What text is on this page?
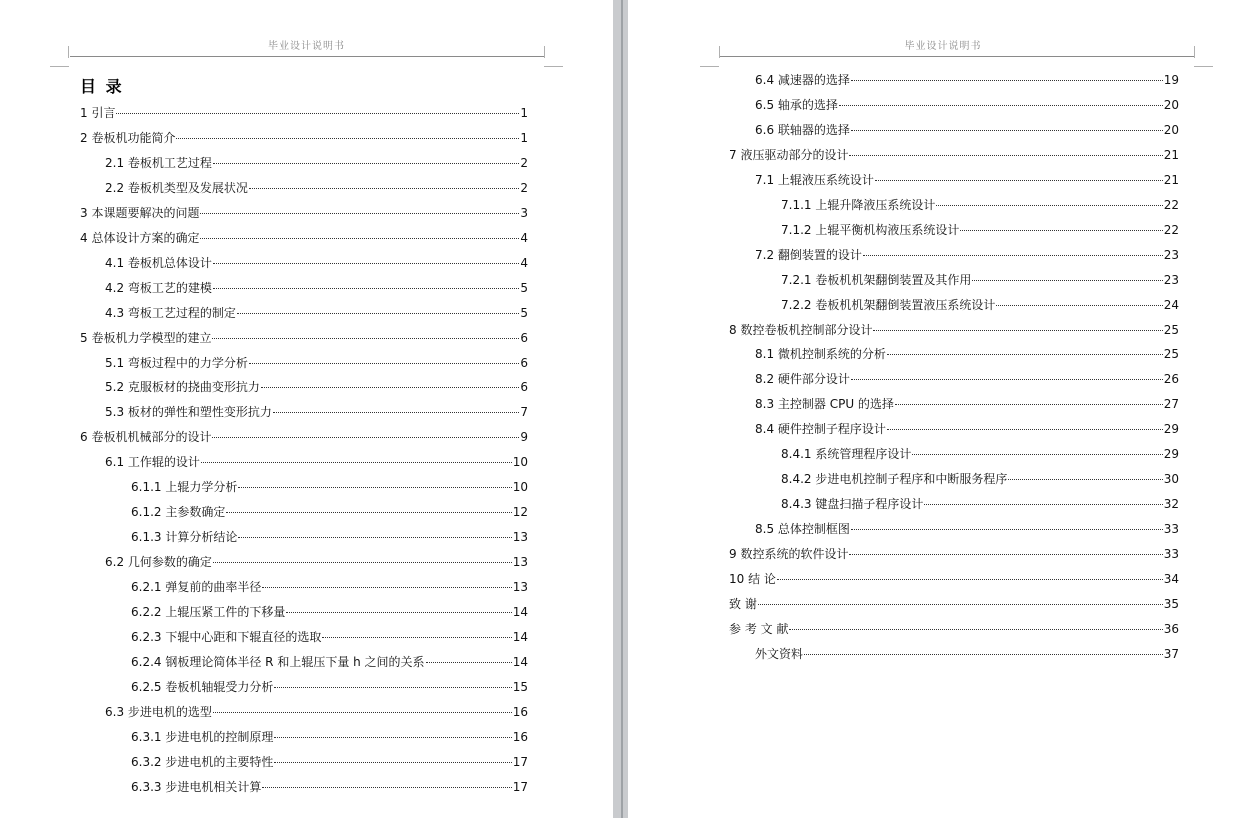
毕业设计说明书
目 录
1 引言	1
2 卷板机功能简介	1
2.1 卷板机工艺过程	2
2.2 卷板机类型及发展状况	2
3 本课题要解决的问题	3
4 总体设计方案的确定	4
4.1 卷板机总体设计	4
4.2 弯板工艺的建模	5
4.3 弯板工艺过程的制定	5
5 卷板机力学模型的建立	6
5.1 弯板过程中的力学分析	6
5.2 克服板材的挠曲变形抗力	6
5.3 板材的弹性和塑性变形抗力	7
6 卷板机机械部分的设计	9
6.1 工作辊的设计	10
6.1.1 上辊力学分析	10
6.1.2 主参数确定	12
6.1.3 计算分析结论	13
6.2 几何参数的确定	13
6.2.1 弹复前的曲率半径	13
6.2.2 上辊压紧工件的下移量	14
6.2.3 下辊中心距和下辊直径的选取	14
6.2.4 钢板理论简体半径 R 和上辊压下量 h 之间的关系	14
6.2.5 卷板机轴辊受力分析	15
6.3 步进电机的选型	16
6.3.1 步进电机的控制原理	16
6.3.2 步进电机的主要特性	17
6.3.3 步进电机相关计算	17
毕业设计说明书
6.4 减速器的选择	19
6.5 轴承的选择	20
6.6 联轴器的选择	20
7 液压驱动部分的设计	21
7.1 上辊液压系统设计	21
7.1.1 上辊升降液压系统设计	22
7.1.2 上辊平衡机构液压系统设计	22
7.2 翻倒装置的设计	23
7.2.1 卷板机机架翻倒装置及其作用	23
7.2.2 卷板机机架翻倒装置液压系统设计	24
8 数控卷板机控制部分设计	25
8.1 微机控制系统的分析	25
8.2 硬件部分设计	26
8.3 主控制器 CPU 的选择	27
8.4 硬件控制子程序设计	29
8.4.1 系统管理程序设计	29
8.4.2 步进电机控制子程序和中断服务程序	30
8.4.3 键盘扫描子程序设计	32
8.5 总体控制框图	33
9 数控系统的软件设计	33
10 结 论	34
致 谢	35
参 考 文 献	36
外文资料	37
